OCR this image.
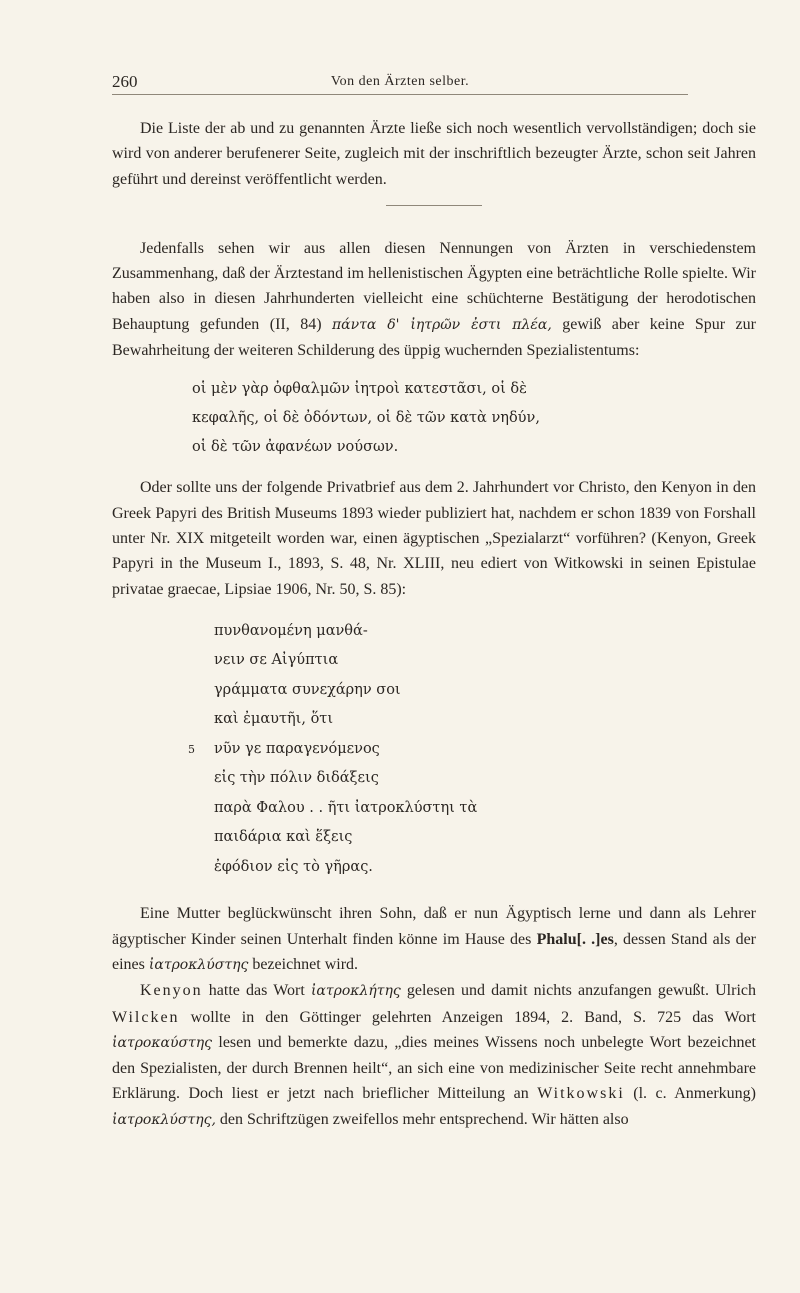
260	Von den Ärzten selber.

Die Liste der ab und zu genannten Ärzte ließe sich noch wesentlich vervollständigen; doch sie wird von anderer berufenerer Seite, zugleich mit der inschriftlich bezeugter Ärzte, schon seit Jahren geführt und dereinst veröffentlicht werden.

Jedenfalls sehen wir aus allen diesen Nennungen von Ärzten in verschiedenstem Zusammenhang, daß der Ärztestand im hellenistischen Ägypten eine beträchtliche Rolle spielte. Wir haben also in diesen Jahrhunderten vielleicht eine schüchterne Bestätigung der herodotischen Behauptung gefunden (II, 84) πάντα δ' ἰητρῶν ἐστι πλέα, gewiß aber keine Spur zur Bewahrheitung der weiteren Schilderung des üppig wuchernden Spezialistentums:

οἱ μὲν γὰρ ὀφθαλμῶν ἰητροὶ κατεστᾶσι, οἱ δὲ
κεφαλῆς, οἱ δὲ ὀδόντων, οἱ δὲ τῶν κατὰ νηδύν,
οἱ δὲ τῶν ἀφανέων νούσων.

Oder sollte uns der folgende Privatbrief aus dem 2. Jahrhundert vor Christo, den Kenyon in den Greek Papyri des British Museums 1893 wieder publiziert hat, nachdem er schon 1839 von Forshall unter Nr. XIX mitgeteilt worden war, einen ägyptischen „Spezialarzt“ vorführen? (Kenyon, Greek Papyri in the Museum I., 1893, S. 48, Nr. XLIII, neu ediert von Witkowski in seinen Epistulae privatae graecae, Lipsiae 1906, Nr. 50, S. 85):

πυνθανομένη μανθά-
νειν σε Αἰγύπτια
γράμματα συνεχάρην σοι
καὶ ἐμαυτῆι, ὅτι
5 νῦν γε παραγενόμενος
εἰς τὴν πόλιν διδάξεις
παρὰ Φαλου . . ῆτι ἰατροκλύστηι τὰ
παιδάρια καὶ ἕξεις
ἐφόδιον εἰς τὸ γῆρας.

Eine Mutter beglückwünscht ihren Sohn, daß er nun Ägyptisch lerne und dann als Lehrer ägyptischer Kinder seinen Unterhalt finden könne im Hause des Phalu[. .]es, dessen Stand als der eines ἰατροκλύστης bezeichnet wird.

Kenyon hatte das Wort ἰατροκλήτης gelesen und damit nichts anzufangen gewußt. Ulrich Wilcken wollte in den Göttinger gelehrten Anzeigen 1894, 2. Band, S. 725 das Wort ἰατροκαύστης lesen und bemerkte dazu, „dies meines Wissens noch unbelegte Wort bezeichnet den Spezialisten, der durch Brennen heilt“, an sich eine von medizinischer Seite recht annehmbare Erklärung. Doch liest er jetzt nach brieflicher Mitteilung an Witkowski (l. c. Anmerkung) ἰατροκλύστης, den Schriftzügen zweifellos mehr entsprechend. Wir hätten also
